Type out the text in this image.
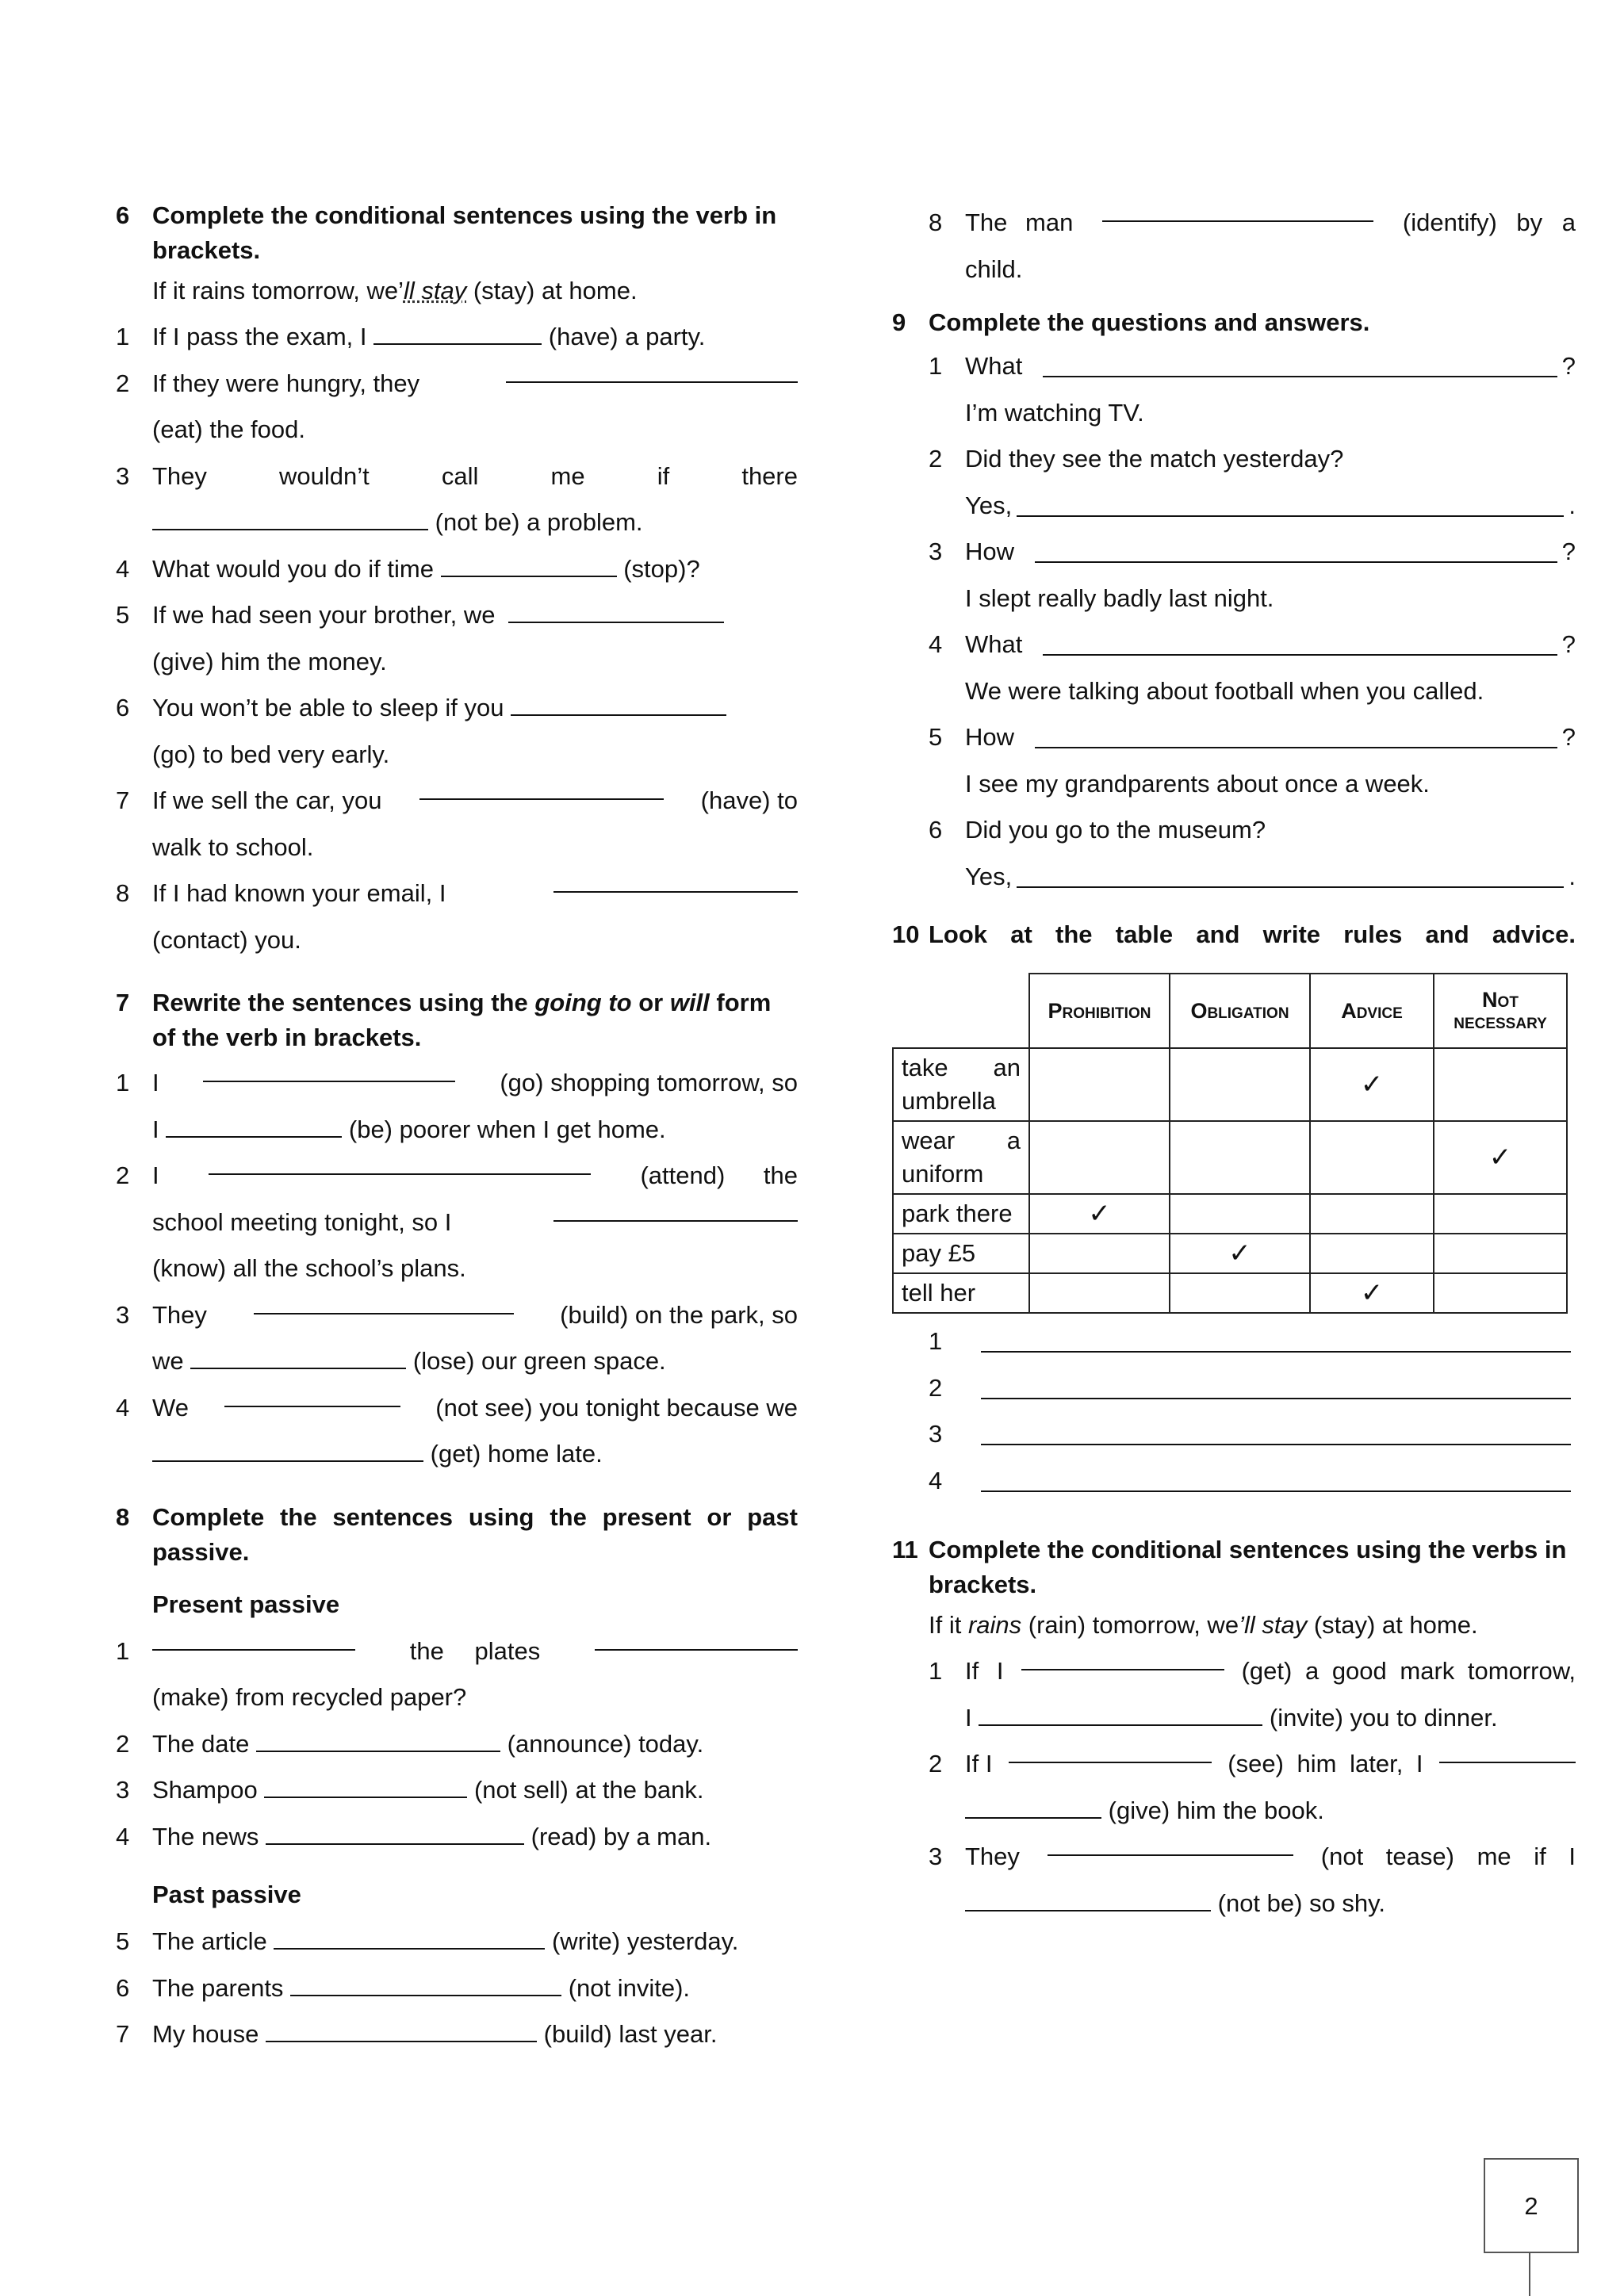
6 Complete the conditional sentences using the verb in brackets.
If it rains tomorrow, we’ll stay (stay) at home.
1 If I pass the exam, I	(have) a party.
2 If they were hungry, they
(eat) the food.
3 They wouldn’t call me if there
(not be) a problem.
4 What would you do if time	(stop)?
5 If we had seen your brother, we
(give) him the money.
6 You won’t be able to sleep if you
(go) to bed very early.
7 If we sell the car, you	(have) to
walk to school.
8 If I had known your email, I
(contact) you.
7 Rewrite the sentences using the going to or will form of the verb in brackets.
1 I	(go) shopping tomorrow, so
I	(be) poorer when I get home.
2 I	(attend) the
school meeting tonight, so I
(know) all the school’s plans.
3 They	(build) on the park, so
we	(lose) our green space.
4 We	(not see) you tonight because we
(get) home late.
8 Complete the sentences using the present or past passive.
Present passive
1	the plates
(make) from recycled paper?
2 The date	(announce) today.
3 Shampoo	(not sell) at the bank.
4 The news	(read) by a man.
Past passive
5 The article	(write) yesterday.
6 The parents	(not invite).
7 My house	(build) last year.
8 The man	(identify) by a
child.
9 Complete the questions and answers.
1 What	?
I’m watching TV.
2 Did they see the match yesterday?
Yes,	.
3 How	?
I slept really badly last night.
4 What	?
We were talking about football when you called.
5 How	?
I see my grandparents about once a week.
6 Did you go to the museum?
Yes,	.
10 Look at the table and write rules and advice.
	Prohibition	Obligation	Advice	Not necessary
take an umbrella			✓	
wear a uniform				✓
park there	✓			
pay £5		✓		
tell her			✓	
1
2
3
4
11 Complete the conditional sentences using the verbs in brackets.
If it rains (rain) tomorrow, we’ll stay (stay) at home.
1 If I	(get) a good mark tomorrow,
I	(invite) you to dinner.
2 If I	(see) him later, I
(give) him the book.
3 They	(not tease) me if I
(not be) so shy.
2
